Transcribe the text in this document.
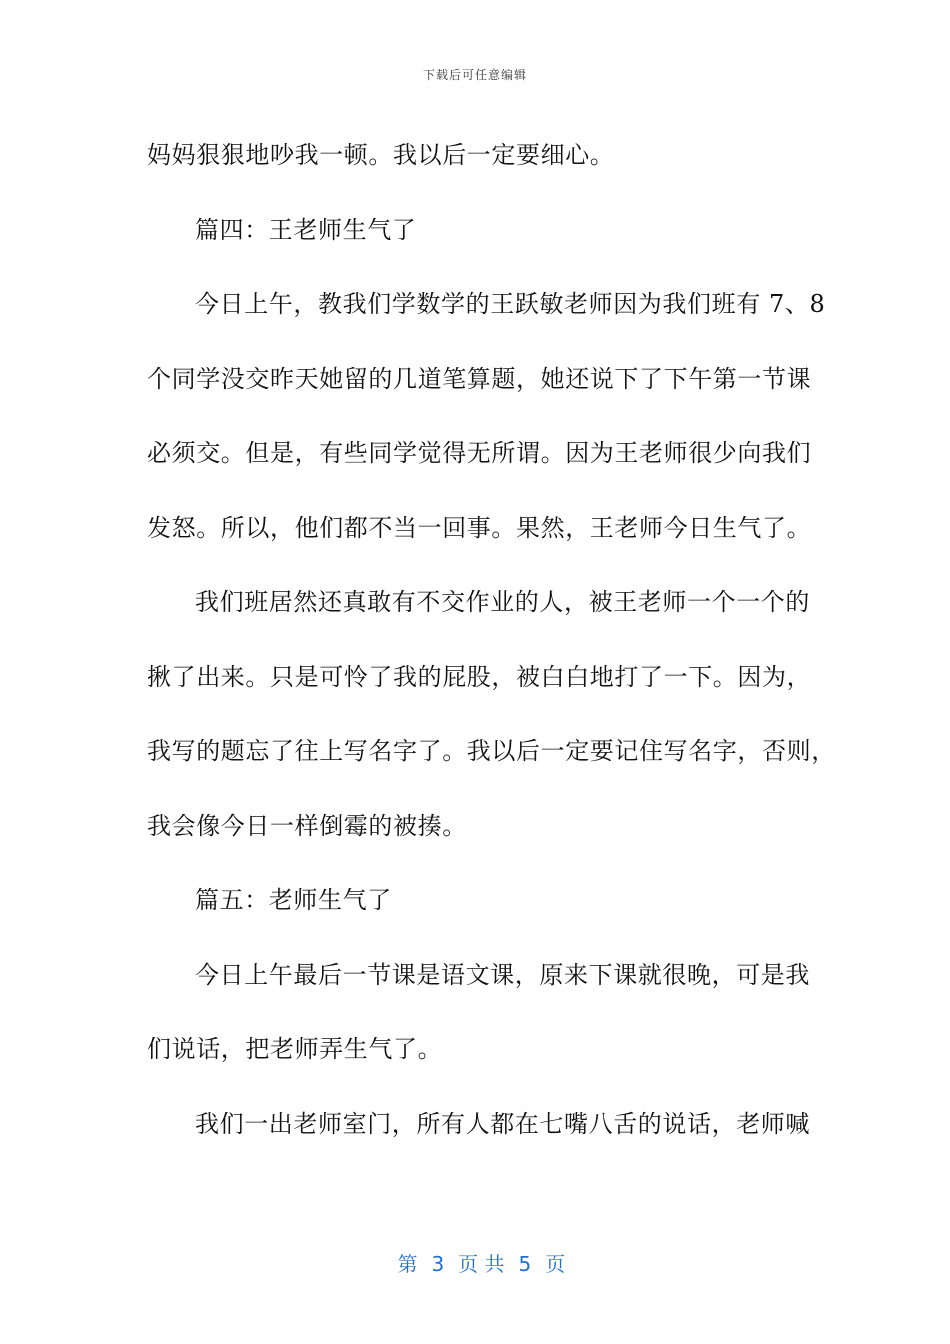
下载后可任意编辑
妈妈狠狠地吵我一顿。我以后一定要细心。
篇四：王老师生气了
今日上午，教我们学数学的王跃敏老师因为我们班有 7、8
个同学没交昨天她留的几道笔算题，她还说下了下午第一节课
必须交。但是，有些同学觉得无所谓。因为王老师很少向我们
发怒。所以，他们都不当一回事。果然，王老师今日生气了。
我们班居然还真敢有不交作业的人，被王老师一个一个的
揪了出来。只是可怜了我的屁股，被白白地打了一下。因为，
我写的题忘了往上写名字了。我以后一定要记住写名字，否则，
我会像今日一样倒霉的被揍。
篇五：老师生气了
今日上午最后一节课是语文课，原来下课就很晚，可是我
们说话，把老师弄生气了。
我们一出老师室门，所有人都在七嘴八舌的说话，老师喊

第 3 页 共 5 页
